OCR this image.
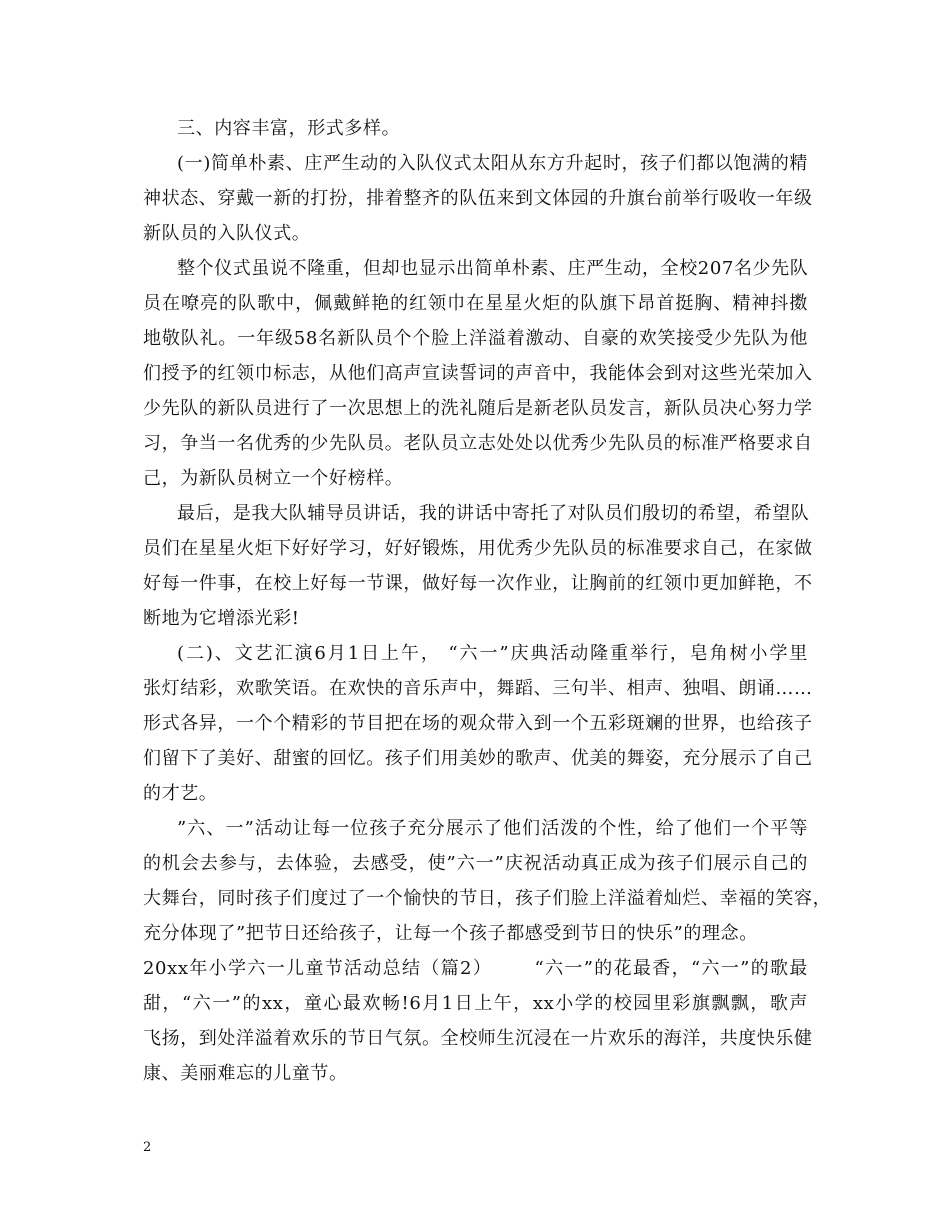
三、内容丰富，形式多样。
(一)简单朴素、庄严生动的入队仪式太阳从东方升起时，孩子们都以饱满的精
神状态、穿戴一新的打扮，排着整齐的队伍来到文体园的升旗台前举行吸收一年级
新队员的入队仪式。
整个仪式虽说不隆重，但却也显示出简单朴素、庄严生动，全校207名少先队
员在嘹亮的队歌中，佩戴鲜艳的红领巾在星星火炬的队旗下昂首挺胸、精神抖擞
地敬队礼。一年级58名新队员个个脸上洋溢着激动、自豪的欢笑接受少先队为他
们授予的红领巾标志，从他们高声宣读誓词的声音中，我能体会到对这些光荣加入
少先队的新队员进行了一次思想上的洗礼随后是新老队员发言，新队员决心努力学
习，争当一名优秀的少先队员。老队员立志处处以优秀少先队员的标准严格要求自
己，为新队员树立一个好榜样。
最后，是我大队辅导员讲话，我的讲话中寄托了对队员们殷切的希望，希望队
员们在星星火炬下好好学习，好好锻炼，用优秀少先队员的标准要求自己，在家做
好每一件事，在校上好每一节课，做好每一次作业，让胸前的红领巾更加鲜艳，不
断地为它增添光彩!
(二)、文艺汇演6月1日上午， “六一”庆典活动隆重举行，皂角树小学里
张灯结彩，欢歌笑语。在欢快的音乐声中，舞蹈、三句半、相声、独唱、朗诵……
形式各异，一个个精彩的节目把在场的观众带入到一个五彩斑斓的世界，也给孩子
们留下了美好、甜蜜的回忆。孩子们用美妙的歌声、优美的舞姿，充分展示了自己
的才艺。
”六、一”活动让每一位孩子充分展示了他们活泼的个性，给了他们一个平等
的机会去参与，去体验，去感受，使”六一”庆祝活动真正成为孩子们展示自己的
大舞台，同时孩子们度过了一个愉快的节日，孩子们脸上洋溢着灿烂、幸福的笑容，
充分体现了”把节日还给孩子，让每一个孩子都感受到节日的快乐”的理念。
20xx年小学六一儿童节活动总结（篇2）      “六一”的花最香，“六一”的歌最
甜，“六一”的xx，童心最欢畅!6月1日上午，xx小学的校园里彩旗飘飘，歌声
飞扬，到处洋溢着欢乐的节日气氛。全校师生沉浸在一片欢乐的海洋，共度快乐健
康、美丽难忘的儿童节。
2
